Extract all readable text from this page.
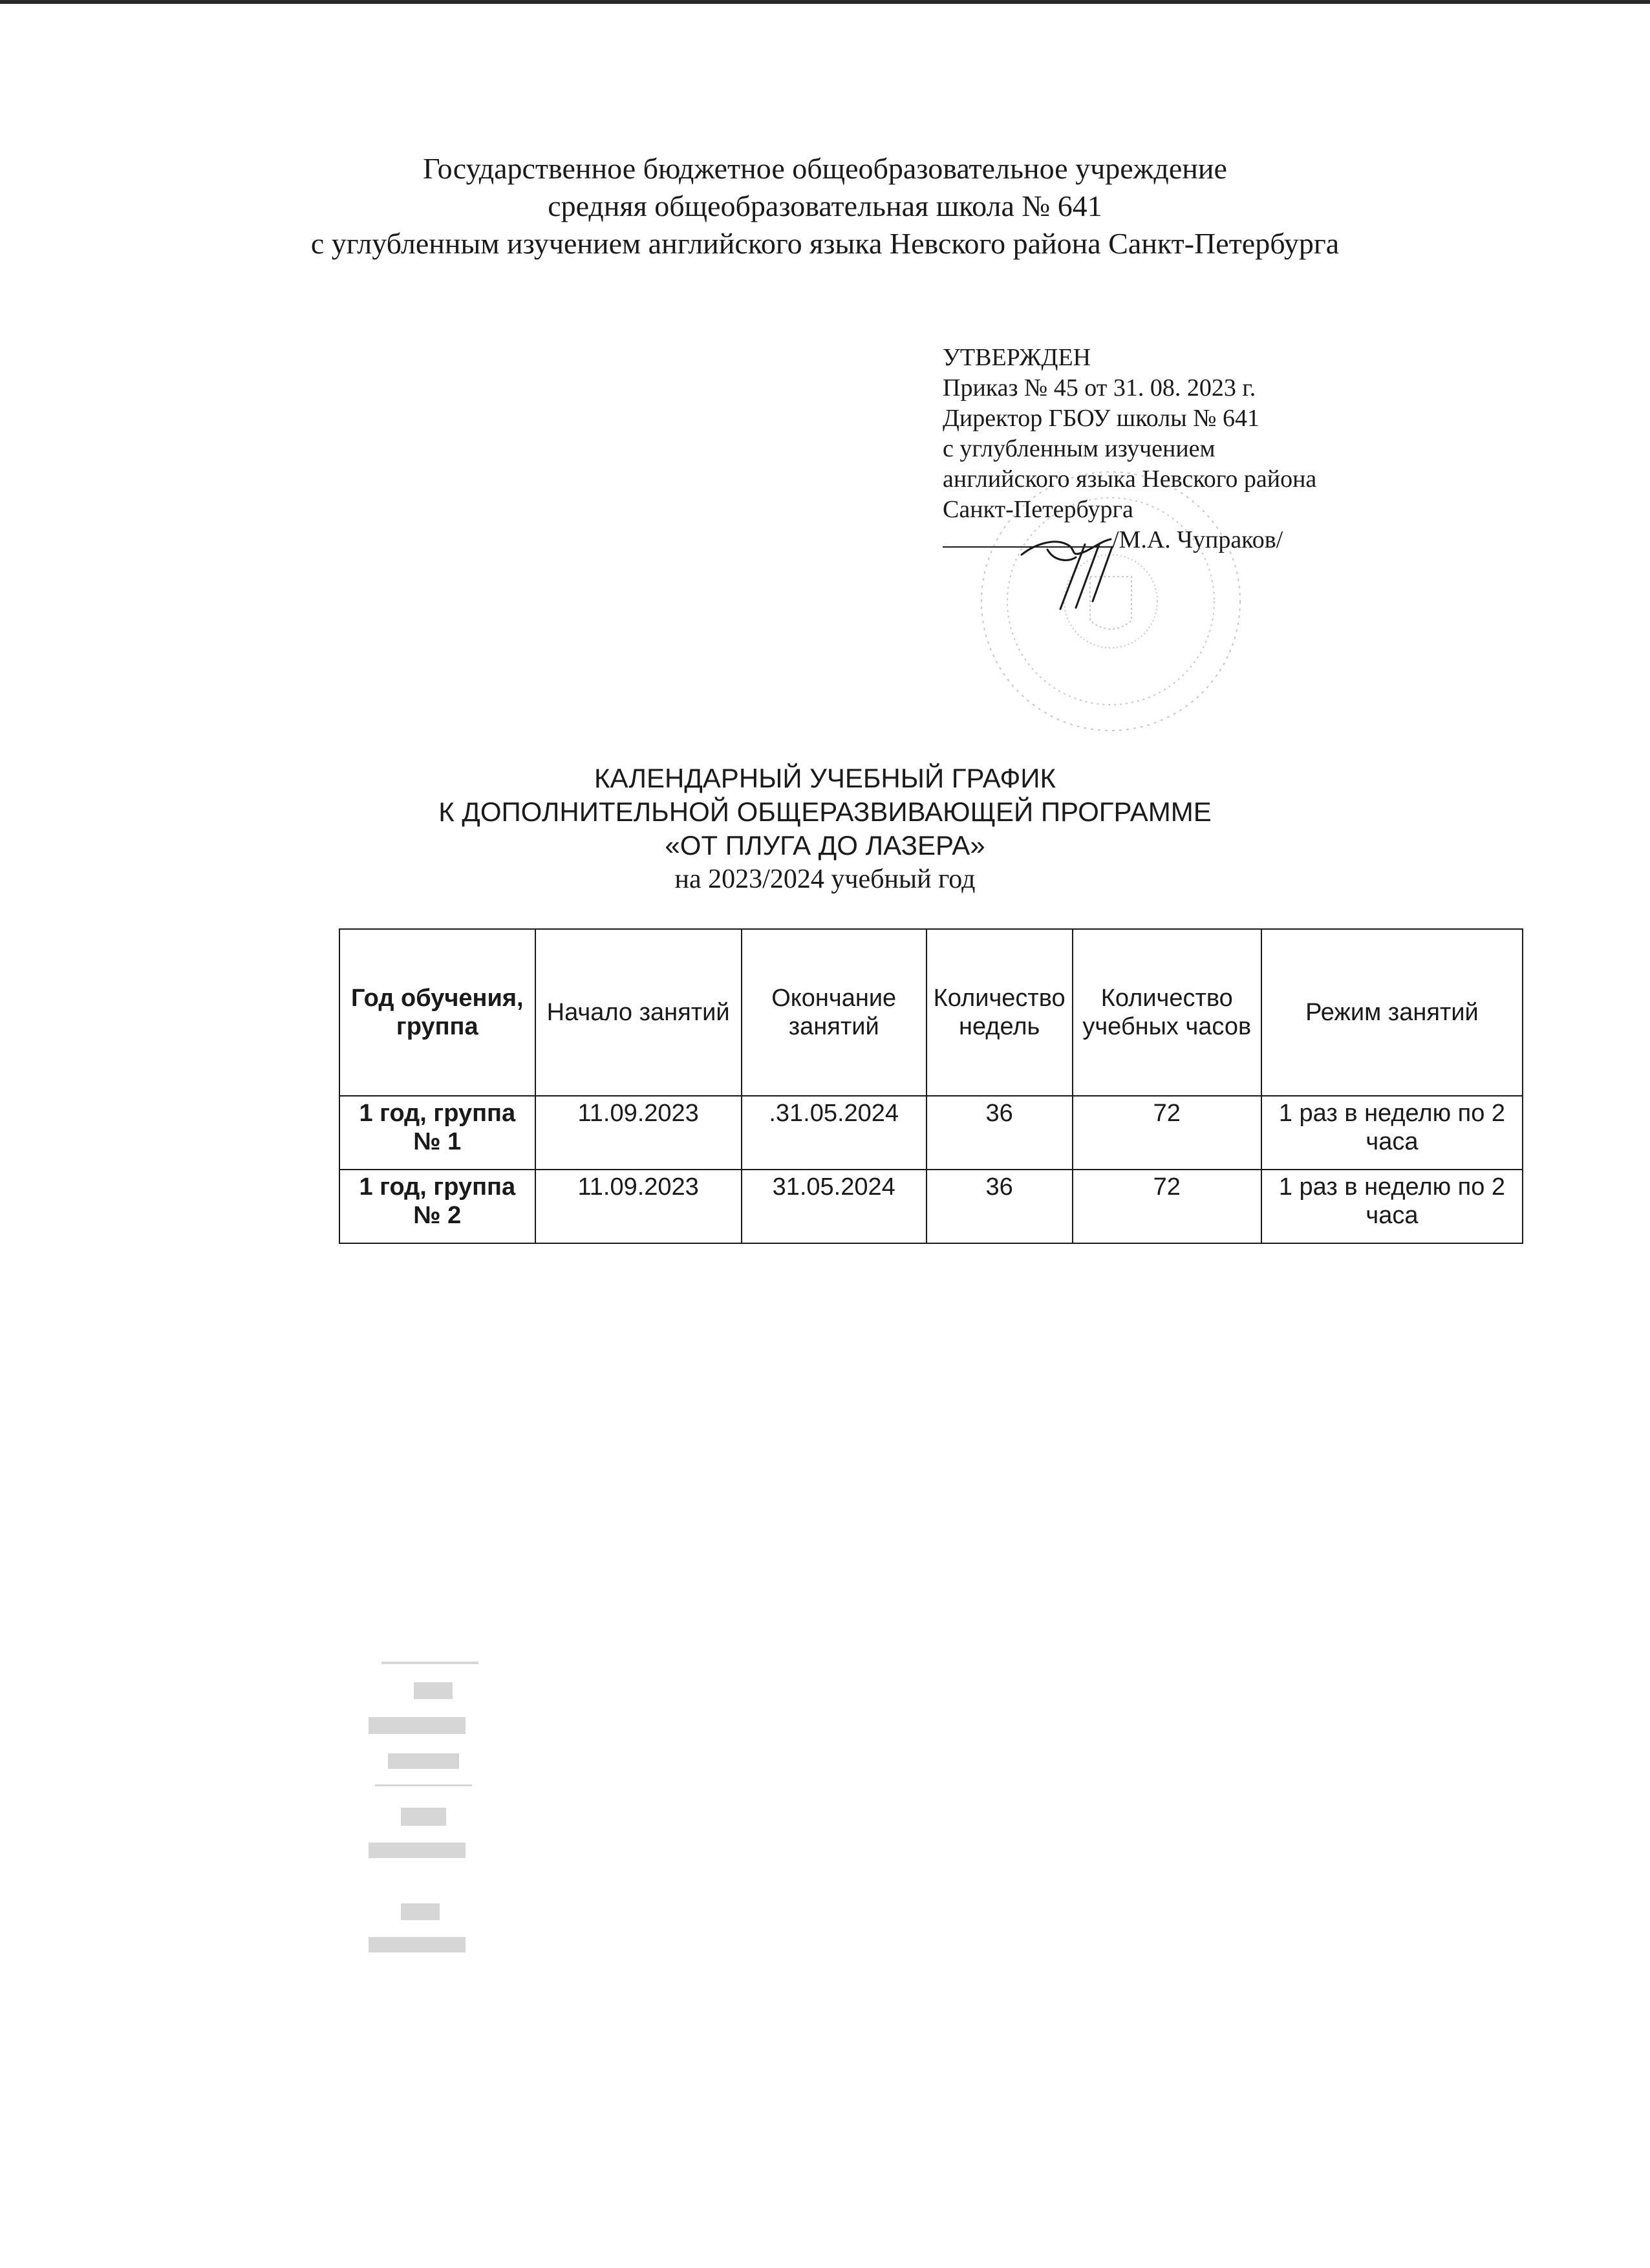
Государственное бюджетное общеобразовательное учреждение
средняя общеобразовательная школа № 641
с углубленным изучением английского языка Невского района Санкт-Петербурга
УТВЕРЖДЕН
Приказ № 45 от 31. 08. 2023 г.
Директор ГБОУ школы № 641
с углубленным изучением
английского языка Невского района
Санкт-Петербурга
/М.А. Чупраков/
КАЛЕНДАРНЫЙ УЧЕБНЫЙ ГРАФИК
К ДОПОЛНИТЕЛЬНОЙ ОБЩЕРАЗВИВАЮЩЕЙ ПРОГРАММЕ
«ОТ ПЛУГА ДО ЛАЗЕРА»
на 2023/2024 учебный год
Год обучения, группа	Начало занятий	Окончание занятий	Количество недель	Количество учебных часов	Режим занятий
1 год, группа № 1	11.09.2023	.31.05.2024	36	72	1 раз в неделю по 2 часа
1 год, группа № 2	11.09.2023	31.05.2024	36	72	1 раз в неделю по 2 часа
